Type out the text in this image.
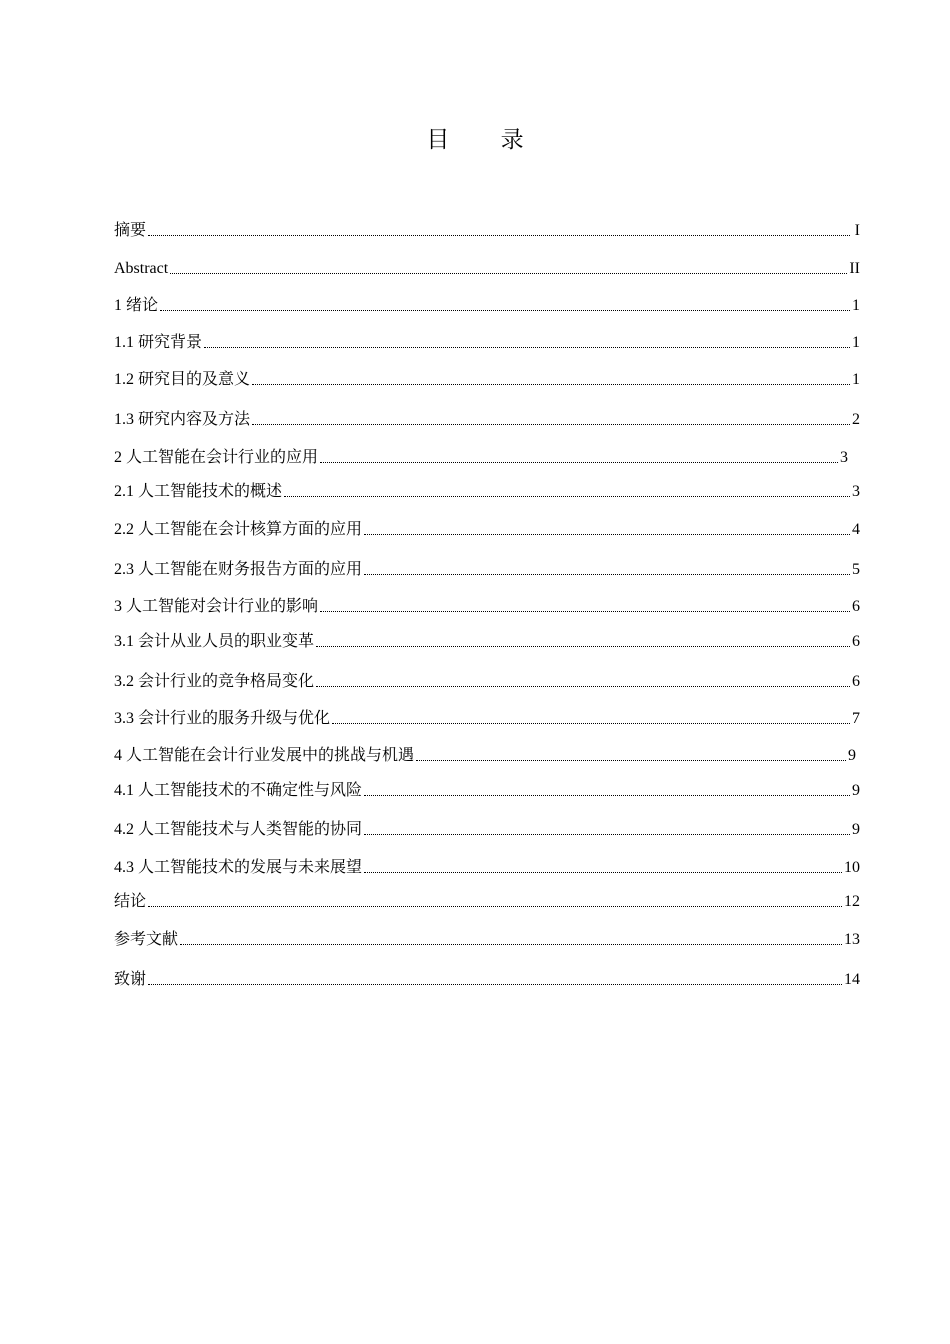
目 录
摘要	I
Abstract	II
1 绪论	1
1.1 研究背景	1
1.2 研究目的及意义	1
1.3 研究内容及方法	2
2 人工智能在会计行业的应用	3
2.1 人工智能技术的概述	3
2.2 人工智能在会计核算方面的应用	4
2.3 人工智能在财务报告方面的应用	5
3 人工智能对会计行业的影响	6
3.1 会计从业人员的职业变革	6
3.2 会计行业的竞争格局变化	6
3.3 会计行业的服务升级与优化	7
4 人工智能在会计行业发展中的挑战与机遇	9
4.1 人工智能技术的不确定性与风险	9
4.2 人工智能技术与人类智能的协同	9
4.3 人工智能技术的发展与未来展望	10
结论	12
参考文献	13
致谢	14
